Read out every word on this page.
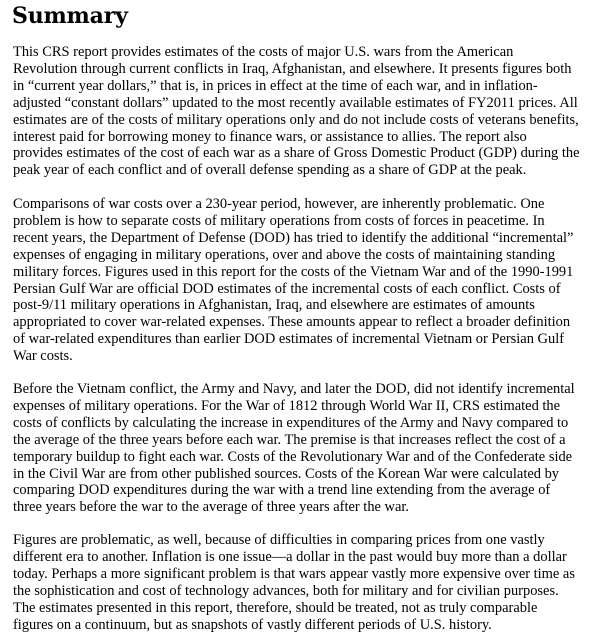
Summary

This CRS report provides estimates of the costs of major U.S. wars from the American
Revolution through current conflicts in Iraq, Afghanistan, and elsewhere. It presents figures both
in “current year dollars,” that is, in prices in effect at the time of each war, and in inflation-
adjusted “constant dollars” updated to the most recently available estimates of FY2011 prices. All
estimates are of the costs of military operations only and do not include costs of veterans benefits,
interest paid for borrowing money to finance wars, or assistance to allies. The report also
provides estimates of the cost of each war as a share of Gross Domestic Product (GDP) during the
peak year of each conflict and of overall defense spending as a share of GDP at the peak.

Comparisons of war costs over a 230-year period, however, are inherently problematic. One
problem is how to separate costs of military operations from costs of forces in peacetime. In
recent years, the Department of Defense (DOD) has tried to identify the additional “incremental”
expenses of engaging in military operations, over and above the costs of maintaining standing
military forces. Figures used in this report for the costs of the Vietnam War and of the 1990-1991
Persian Gulf War are official DOD estimates of the incremental costs of each conflict. Costs of
post-9/11 military operations in Afghanistan, Iraq, and elsewhere are estimates of amounts
appropriated to cover war-related expenses. These amounts appear to reflect a broader definition
of war-related expenditures than earlier DOD estimates of incremental Vietnam or Persian Gulf
War costs.

Before the Vietnam conflict, the Army and Navy, and later the DOD, did not identify incremental
expenses of military operations. For the War of 1812 through World War II, CRS estimated the
costs of conflicts by calculating the increase in expenditures of the Army and Navy compared to
the average of the three years before each war. The premise is that increases reflect the cost of a
temporary buildup to fight each war. Costs of the Revolutionary War and of the Confederate side
in the Civil War are from other published sources. Costs of the Korean War were calculated by
comparing DOD expenditures during the war with a trend line extending from the average of
three years before the war to the average of three years after the war.

Figures are problematic, as well, because of difficulties in comparing prices from one vastly
different era to another. Inflation is one issue—a dollar in the past would buy more than a dollar
today. Perhaps a more significant problem is that wars appear vastly more expensive over time as
the sophistication and cost of technology advances, both for military and for civilian purposes.
The estimates presented in this report, therefore, should be treated, not as truly comparable
figures on a continuum, but as snapshots of vastly different periods of U.S. history.
